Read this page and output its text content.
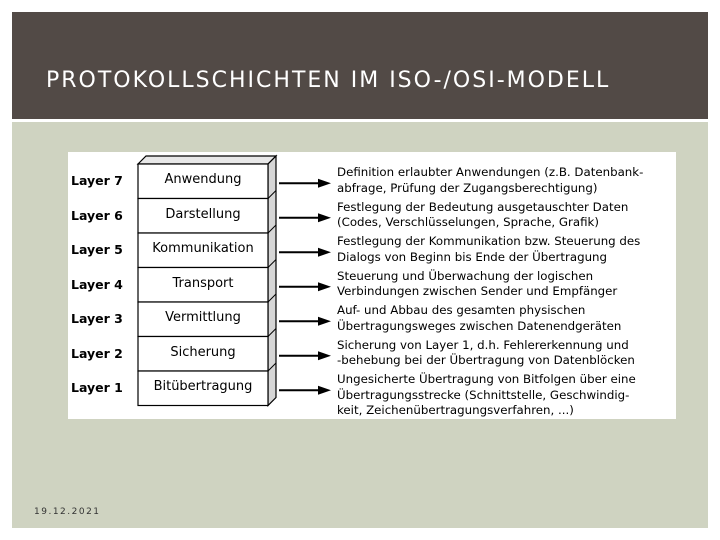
PROTOKOLLSCHICHTEN IM ISO-/OSI-MODELL
Layer 7	Anwendung
Definition erlaubter Anwendungen (z.B. Datenbank-
abfrage, Prüfung der Zugangsberechtigung)
Layer 6	Darstellung
Festlegung der Bedeutung ausgetauschter Daten
(Codes, Verschlüsselungen, Sprache, Grafik)
Layer 5	Kommunikation
Festlegung der Kommunikation bzw. Steuerung des
Dialogs von Beginn bis Ende der Übertragung
Layer 4	Transport
Steuerung und Überwachung der logischen
Verbindungen zwischen Sender und Empfänger
Layer 3	Vermittlung
Auf- und Abbau des gesamten physischen
Übertragungsweges zwischen Datenendgeräten
Layer 2	Sicherung
Sicherung von Layer 1, d.h. Fehlererkennung und
-behebung bei der Übertragung von Datenblöcken
Layer 1	Bitübertragung
Ungesicherte Übertragung von Bitfolgen über eine
Übertragungsstrecke (Schnittstelle, Geschwindig-
keit, Zeichenübertragungsverfahren, ...)
19.12.2021
